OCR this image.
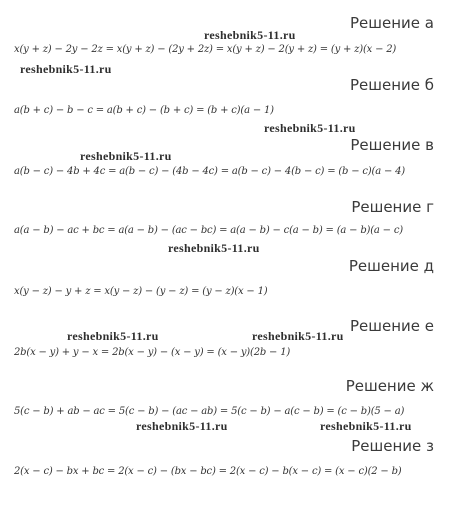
Решение а
reshebnik5-11.ru
x(y + z) − 2y − 2z = x(y + z) − (2y + 2z) = x(y + z) − 2(y + z) = (y + z)(x − 2)
reshebnik5-11.ru
Решение б
a(b + c) − b − c = a(b + c) − (b + c) = (b + c)(a − 1)
reshebnik5-11.ru
Решение в
reshebnik5-11.ru
a(b − c) − 4b + 4c = a(b − c) − (4b − 4c) = a(b − c) − 4(b − c) = (b − c)(a − 4)
Решение г
a(a − b) − ac + bc = a(a − b) − (ac − bc) = a(a − b) − c(a − b) = (a − b)(a − c)
reshebnik5-11.ru
Решение д
x(y − z) − y + z = x(y − z) − (y − z) = (y − z)(x − 1)
Решение е
reshebnik5-11.ru	reshebnik5-11.ru
2b(x − y) + y − x = 2b(x − y) − (x − y) = (x − y)(2b − 1)
Решение ж
5(c − b) + ab − ac = 5(c − b) − (ac − ab) = 5(c − b) − a(c − b) = (c − b)(5 − a)
reshebnik5-11.ru	reshebnik5-11.ru
Решение з
2(x − c) − bx + bc = 2(x − c) − (bx − bc) = 2(x − c) − b(x − c) = (x − c)(2 − b)
